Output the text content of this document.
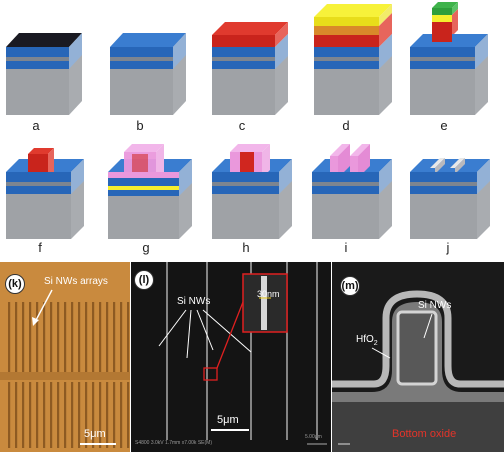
a	b	c	d	e
f	g	h	i	j
(k)	Si NWs arrays
5μm
(l)
Si NWs
30nm
5μm
S4800 3.0kV 1.7mm x7.00k SE(M)
5.00μm
(m)
HfO$_2$
Si NWs
Bottom oxide
